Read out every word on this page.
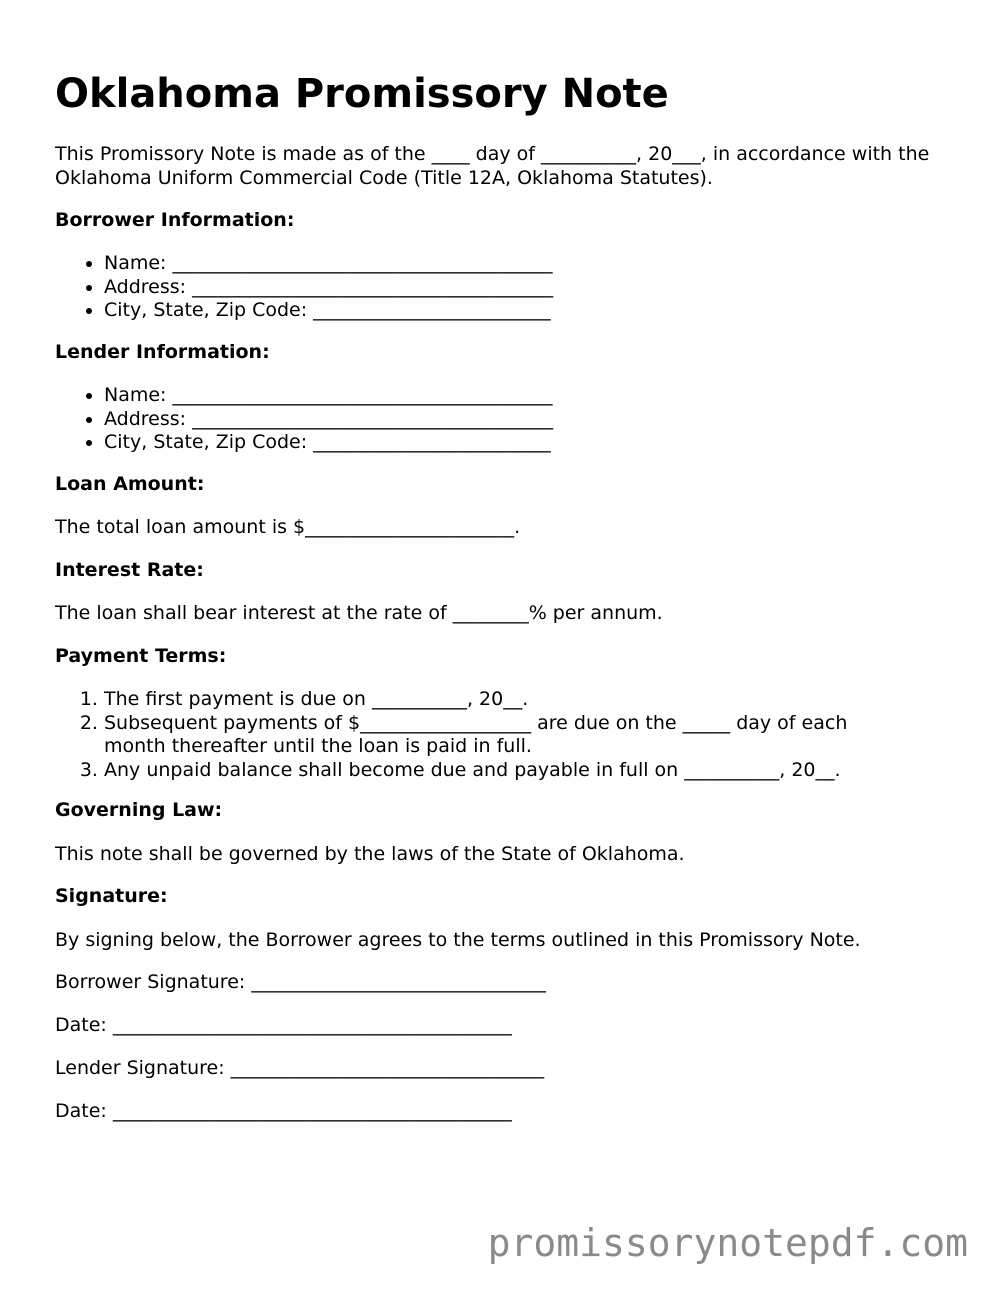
Oklahoma Promissory Note

This Promissory Note is made as of the ____ day of __________, 20___, in accordance with the Oklahoma Uniform Commercial Code (Title 12A, Oklahoma Statutes).

Borrower Information:

• Name: ________________________________________
• Address: ______________________________________
• City, State, Zip Code: _________________________

Lender Information:

• Name: ________________________________________
• Address: ______________________________________
• City, State, Zip Code: _________________________

Loan Amount:

The total loan amount is $______________________.

Interest Rate:

The loan shall bear interest at the rate of ________% per annum.

Payment Terms:

1. The first payment is due on __________, 20__.
2. Subsequent payments of $__________________ are due on the _____ day of each month thereafter until the loan is paid in full.
3. Any unpaid balance shall become due and payable in full on __________, 20__.

Governing Law:

This note shall be governed by the laws of the State of Oklahoma.

Signature:

By signing below, the Borrower agrees to the terms outlined in this Promissory Note.

Borrower Signature: _______________________________

Date: __________________________________________

Lender Signature: _________________________________

Date: __________________________________________

promissorynotepdf.com
